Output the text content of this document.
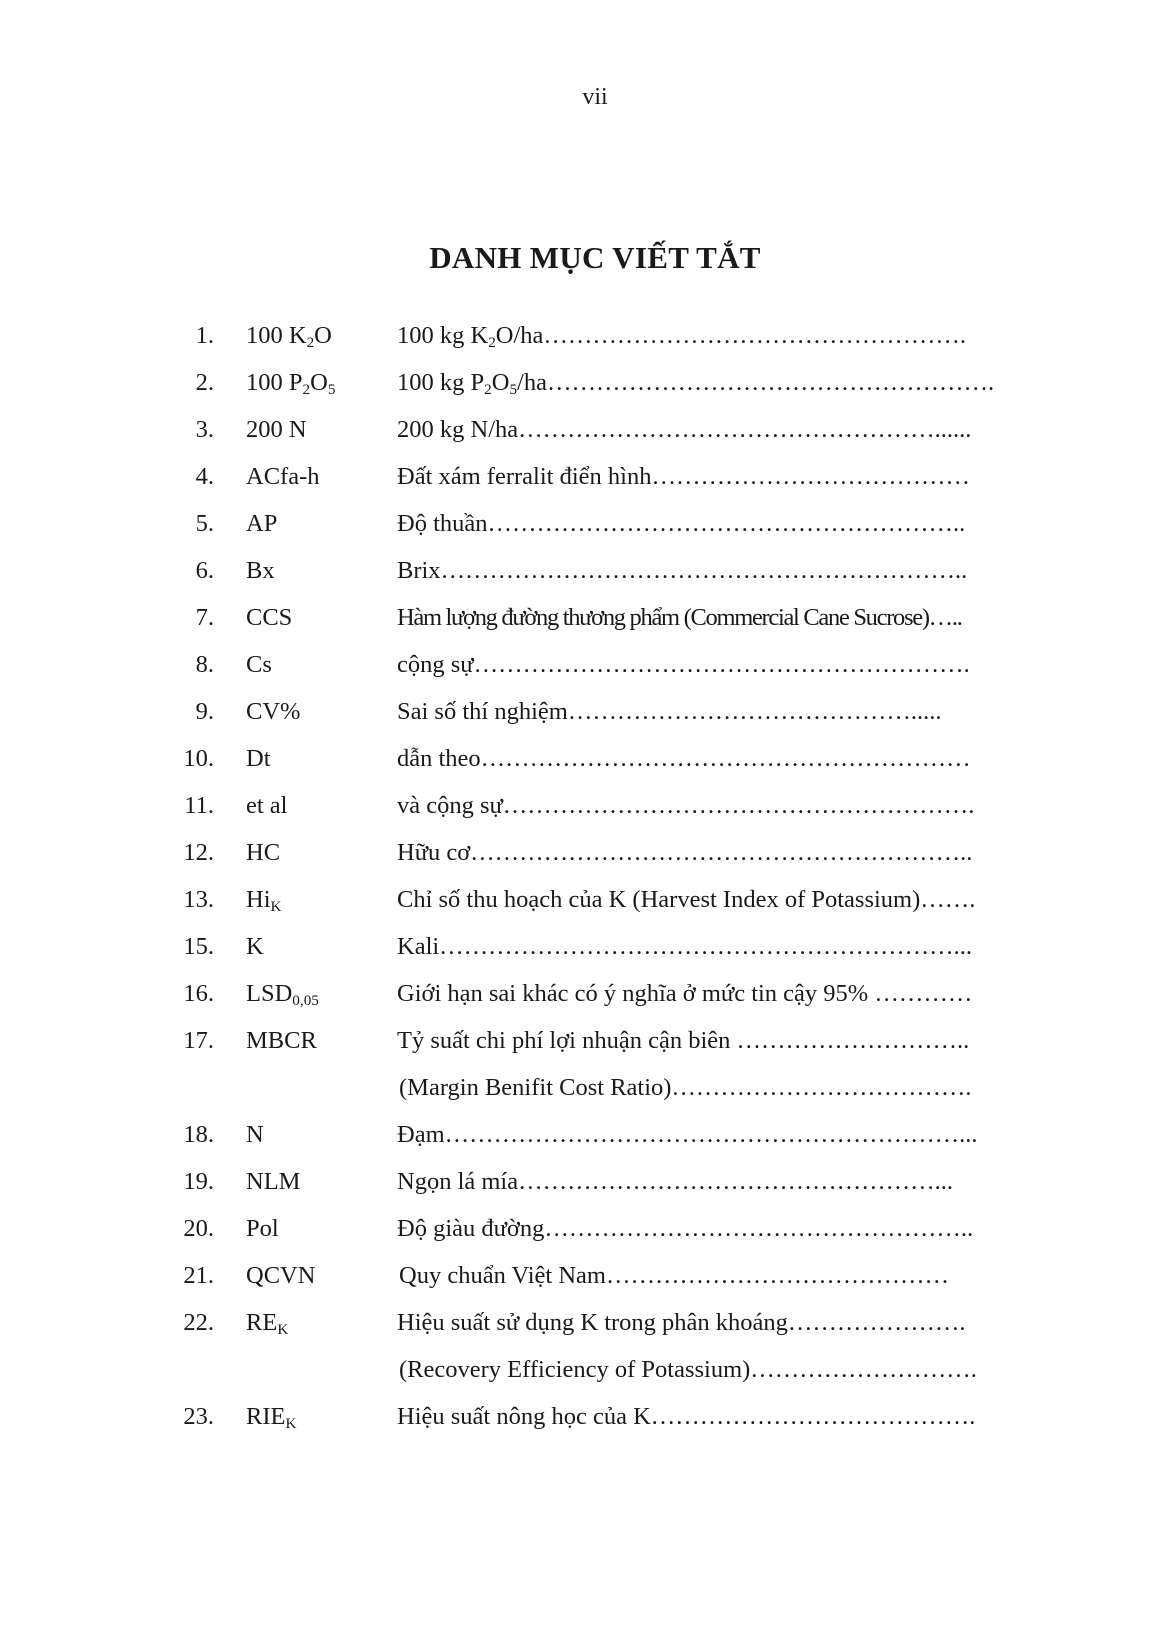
vii
DANH MỤC VIẾT TẮT
1. 100 $K_2O$	100 kg $K_2O/ha\dots\dots\dots\dots\dots\dots\dots\dots\dots\dots\dots\dots\dots\dots\dots\dots\dots$.
2. 100 $P_2O_5$	100 kg $P_2O_5/ha\dots\dots\dots\dots\dots\dots\dots\dots\dots\dots\dots\dots\dots\dots\dots\dots\dots\dots$.
3. 200 N	200 kg N/ha……………………………………………......
4. ACfa-h	Đất xám ferralit điển hình…………………………………
5. AP	Độ thuần…………………………………………………..
6. Bx	Brix………………………………………………………..
7. CCS	Hàm lượng đường thương phẩm (Commercial Cane Sucrose)…..
8. Cs	cộng sự…………………………………………………….
9. CV%	Sai số thí nghiệm…………………………………….....
10. Dt	dẫn theo……………………………………………………
11. et al	và cộng sự………………………………………………….
12. HC	Hữu cơ……………………………………………………..
13. $Hi_K$	Chỉ số thu hoạch của K (Harvest Index of Potassium)…….
15. K	Kali………………………………………………………...
16. $LSD_{0,05}$	Giới hạn sai khác có ý nghĩa ở mức tin cậy 95% …………
17. MBCR	Tỷ suất chi phí lợi nhuận cận biên ………………………..
(Margin Benifit Cost Ratio)……………………………….
18. N	Đạm………………………………………………………...
19. NLM	Ngọn lá mía……………………………………………...
20. Pol	Độ giàu đường……………………………………………..
21. QCVN	Quy chuẩn Việt Nam……………………………………
22. $RE_K$	Hiệu suất sử dụng K trong phân khoáng………………….
(Recovery Efficiency of Potassium)……………………….
23. $RIE_K$	Hiệu suất nông học của K………………………………….
